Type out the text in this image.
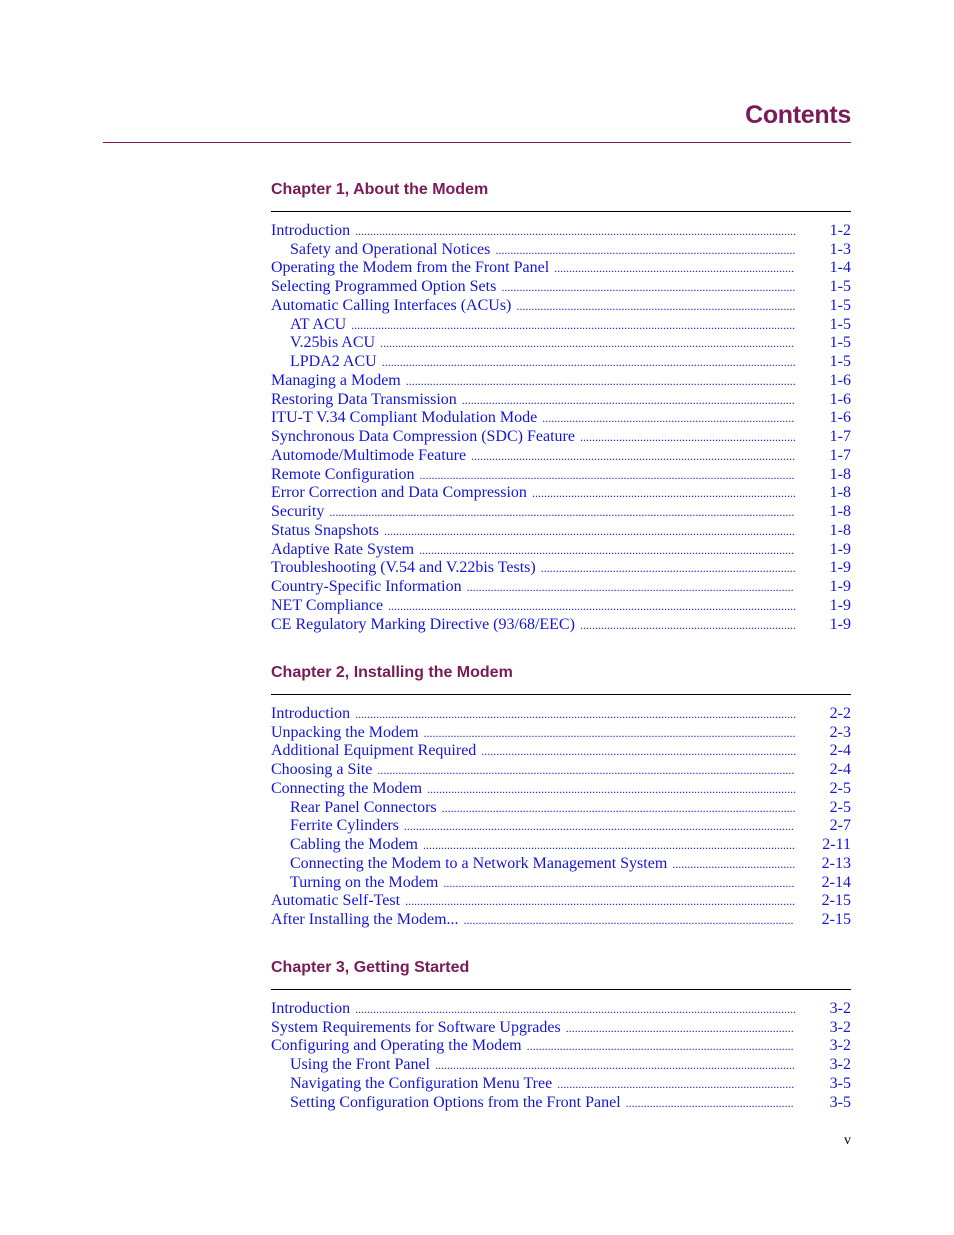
Contents
Chapter 1, About the Modem
Introduction ...................................................................................................................................................	1-2
Safety and Operational Notices ....................................................................................................	1-3
Operating the Modem from the Front Panel ................................................................................	1-4
Selecting Programmed Option Sets ..................................................................................................	1-5
Automatic Calling Interfaces (ACUs) .............................................................................................	1-5
AT ACU ....................................................................................................................................................	1-5
V.25bis ACU ..........................................................................................................................................	1-5
LPDA2 ACU ..........................................................................................................................................	1-5
Managing a Modem ..................................................................................................................................	1-6
Restoring Data Transmission ...............................................................................................................	1-6
ITU-T V.34 Compliant Modulation Mode ....................................................................................	1-6
Synchronous Data Compression (SDC) Feature ........................................................................	1-7
Automode/Multimode Feature ............................................................................................................	1-7
Remote Configuration .............................................................................................................................	1-8
Error Correction and Data Compression ........................................................................................	1-8
Security ...........................................................................................................................................................	1-8
Status Snapshots .........................................................................................................................................	1-8
Adaptive Rate System .............................................................................................................................	1-9
Troubleshooting (V.54 and V.22bis Tests) .....................................................................................	1-9
Country-Specific Information .............................................................................................................	1-9
NET Compliance ........................................................................................................................................	1-9
CE Regulatory Marking Directive (93/68/EEC) ........................................................................	1-9
Chapter 2, Installing the Modem
Introduction ...................................................................................................................................................	2-2
Unpacking the Modem ............................................................................................................................	2-3
Additional Equipment Required .........................................................................................................	2-4
Choosing a Site ...........................................................................................................................................	2-4
Connecting the Modem ...........................................................................................................................	2-5
Rear Panel Connectors ......................................................................................................................	2-5
Ferrite Cylinders ..................................................................................................................................	2-7
Cabling the Modem ............................................................................................................................	2-11
Connecting the Modem to a Network Management System .........................................	2-13
Turning on the Modem .....................................................................................................................	2-14
Automatic Self-Test ..................................................................................................................................	2-15
After Installing the Modem... ..............................................................................................................	2-15
Chapter 3, Getting Started
Introduction ...................................................................................................................................................	3-2
System Requirements for Software Upgrades ............................................................................	3-2
Configuring and Operating the Modem .........................................................................................	3-2
Using the Front Panel ........................................................................................................................	3-2
Navigating the Configuration Menu Tree ...............................................................................	3-5
Setting Configuration Options from the Front Panel ........................................................	3-5
v
